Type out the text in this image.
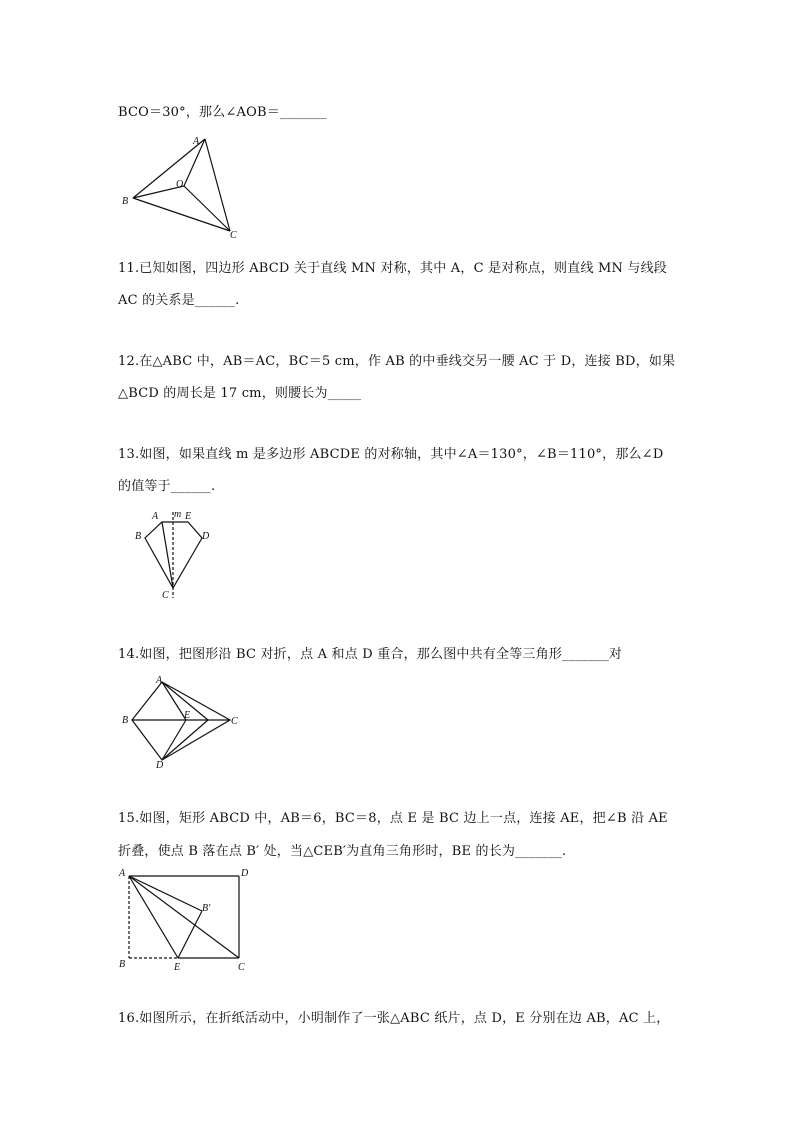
BCO＝30°，那么∠AOB＝_______
A
O
B
C
11.已知如图，四边形 ABCD 关于直线 MN 对称，其中 A，C 是对称点，则直线 MN 与线段
AC 的关系是______.
12.在△ABC 中，AB＝AC，BC＝5 cm，作 AB 的中垂线交另一腰 AC 于 D，连接 BD，如果
△BCD 的周长是 17 cm，则腰长为_____
13.如图，如果直线 m 是多边形 ABCDE 的对称轴，其中∠A＝130°，∠B＝110°，那么∠D
的值等于______.
A m E
B	D
C
14.如图，把图形沿 BC 对折，点 A 和点 D 重合，那么图中共有全等三角形_______对
A
B	E
C
D
15.如图，矩形 ABCD 中，AB＝6，BC＝8，点 E 是 BC 边上一点，连接 AE，把∠B 沿 AE
折叠，使点 B 落在点 B′ 处，当△CEB′为直角三角形时，BE 的长为_______.
A	D
B′
B	E	C
16.如图所示，在折纸活动中，小明制作了一张△ABC 纸片，点 D，E 分别在边 AB，AC 上，
